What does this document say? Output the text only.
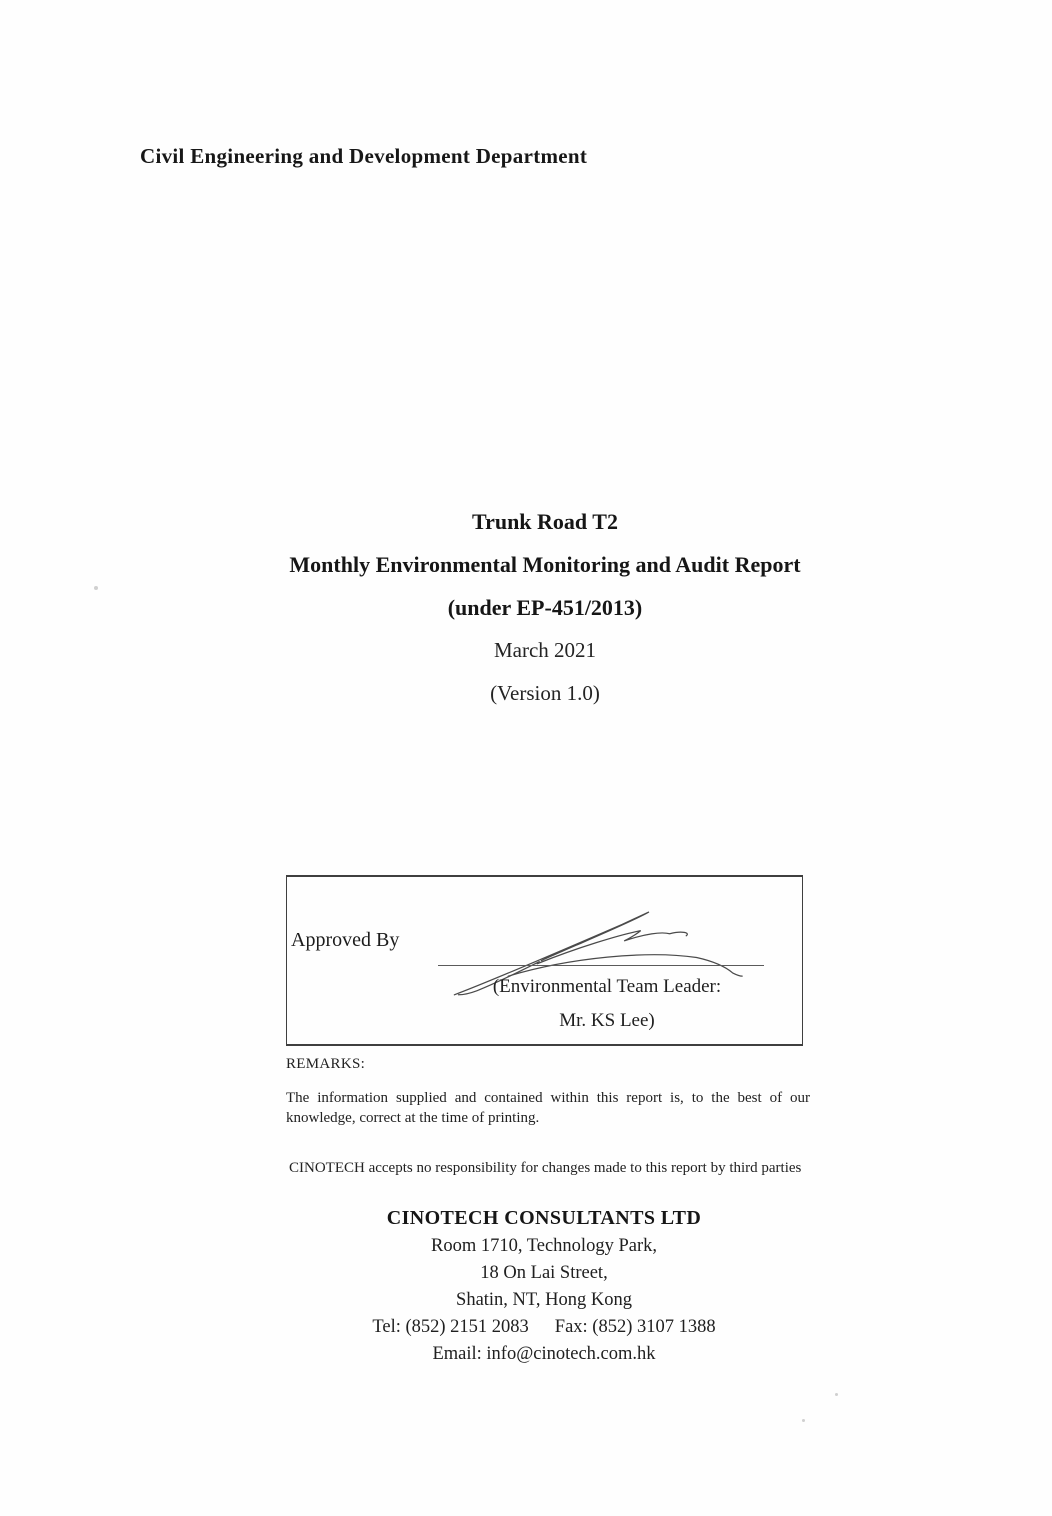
Civil Engineering and Development Department
Trunk Road T2
Monthly Environmental Monitoring and Audit Report
(under EP-451/2013)
March 2021
(Version 1.0)
Approved By
(Environmental Team Leader:
Mr. KS Lee)
REMARKS:
The information supplied and contained within this report is, to the best of our knowledge, correct at the time of printing.
CINOTECH accepts no responsibility for changes made to this report by third parties
CINOTECH CONSULTANTS LTD
Room 1710, Technology Park,
18 On Lai Street,
Shatin, NT, Hong Kong
Tel: (852) 2151 2083 Fax: (852) 3107 1388
Email: info@cinotech.com.hk
